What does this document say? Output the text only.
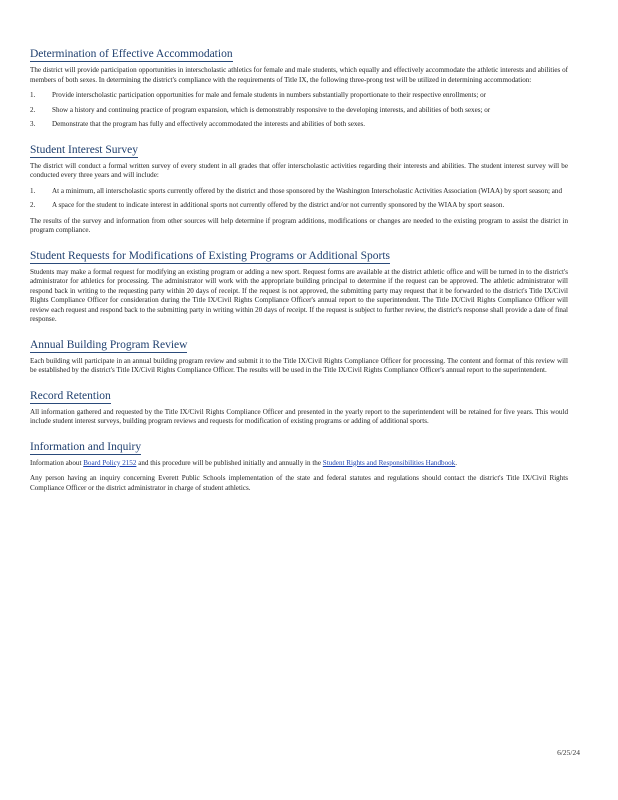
Determination of Effective Accommodation

The district will provide participation opportunities in interscholastic athletics for female and male students, which equally and effectively accommodate the athletic interests and abilities of members of both sexes. In determining the district's compliance with the requirements of Title IX, the following three-prong test will be utilized in determining accommodation:

1.	Provide interscholastic participation opportunities for male and female students in numbers substantially proportionate to their respective enrollments; or
2.	Show a history and continuing practice of program expansion, which is demonstrably responsive to the developing interests, and abilities of both sexes; or
3.	Demonstrate that the program has fully and effectively accommodated the interests and abilities of both sexes.
Student Interest Survey

The district will conduct a formal written survey of every student in all grades that offer interscholastic activities regarding their interests and abilities. The student interest survey will be conducted every three years and will include:

1.	At a minimum, all interscholastic sports currently offered by the district and those sponsored by the Washington Interscholastic Activities Association (WIAA) by sport season; and
2.	A space for the student to indicate interest in additional sports not currently offered by the district and/or not currently sponsored by the WIAA by sport season.

The results of the survey and information from other sources will help determine if program additions, modifications or changes are needed to the existing program to assist the district in program compliance.

Student Requests for Modifications of Existing Programs or Additional Sports

Students may make a formal request for modifying an existing program or adding a new sport. Request forms are available at the district athletic office and will be turned in to the district's administrator for athletics for processing. The administrator will work with the appropriate building principal to determine if the request can be approved. The athletic administrator will respond back in writing to the requesting party within 20 days of receipt. If the request is not approved, the submitting party may request that it be forwarded to the district's Title IX/Civil Rights Compliance Officer for consideration during the Title IX/Civil Rights Compliance Officer's annual report to the superintendent. The Title IX/Civil Rights Compliance Officer will review each request and respond back to the submitting party in writing within 20 days of receipt. If the request is subject to further review, the district's response shall provide a date of final response.

Annual Building Program Review

Each building will participate in an annual building program review and submit it to the Title IX/Civil Rights Compliance Officer for processing. The content and format of this review will be established by the district's Title IX/Civil Rights Compliance Officer. The results will be used in the Title IX/Civil Rights Compliance Officer's annual report to the superintendent.

Record Retention

All information gathered and requested by the Title IX/Civil Rights Compliance Officer and presented in the yearly report to the superintendent will be retained for five years. This would include student interest surveys, building program reviews and requests for modification of existing programs or adding of additional sports.

Information and Inquiry

Information about Board Policy 2152 and this procedure will be published initially and annually in the Student Rights and Responsibilities Handbook.

Any person having an inquiry concerning Everett Public Schools implementation of the state and federal statutes and regulations should contact the district's Title IX/Civil Rights Compliance Officer or the district administrator in charge of student athletics.

6/25/24
